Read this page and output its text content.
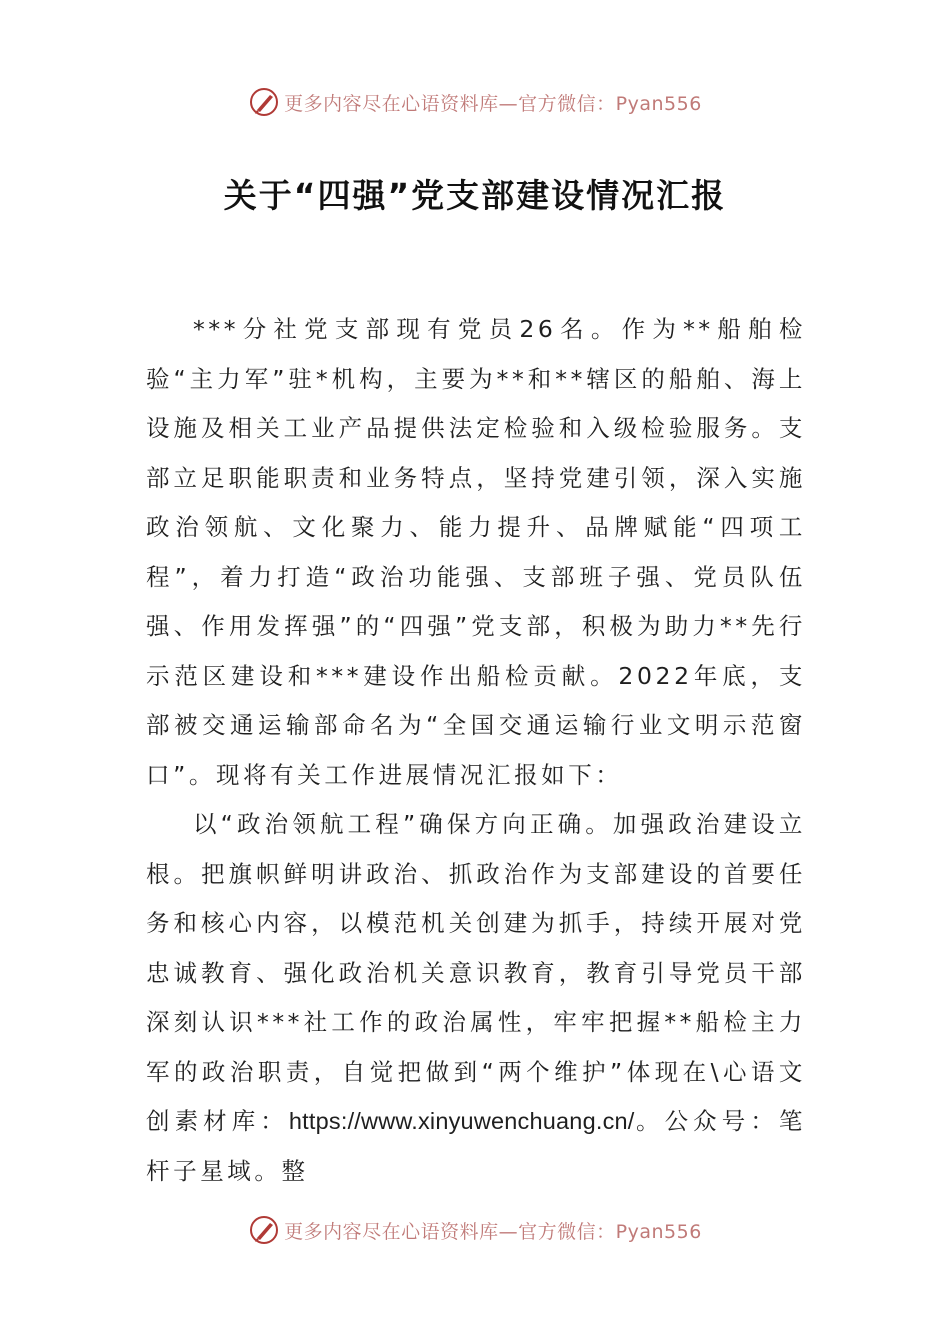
更多内容尽在心语资料库—官方微信：Pyan556
关于“四强”党支部建设情况汇报

***分社党支部现有党员26名。作为**船舶检验“主力军”驻*机构，主要为**和**辖区的船舶、海上设施及相关工业产品提供法定检验和入级检验服务。支部立足职能职责和业务特点，坚持党建引领，深入实施政治领航、文化聚力、能力提升、品牌赋能“四项工程”，着力打造“政治功能强、支部班子强、党员队伍强、作用发挥强”的“四强”党支部，积极为助力**先行示范区建设和***建设作出船检贡献。2022年底，支部被交通运输部命名为“全国交通运输行业文明示范窗口”。现将有关工作进展情况汇报如下：

以“政治领航工程”确保方向正确。加强政治建设立根。把旗帜鲜明讲政治、抓政治作为支部建设的首要任务和核心内容，以模范机关创建为抓手，持续开展对党忠诚教育、强化政治机关意识教育，教育引导党员干部深刻认识***社工作的政治属性，牢牢把握**船检主力军的政治职责，自觉把做到“两个维护”体现在\心语文创素材库：https://www.xinyuwenchuang.cn/。公众号：笔杆子星域。整

更多内容尽在心语资料库—官方微信：Pyan556
